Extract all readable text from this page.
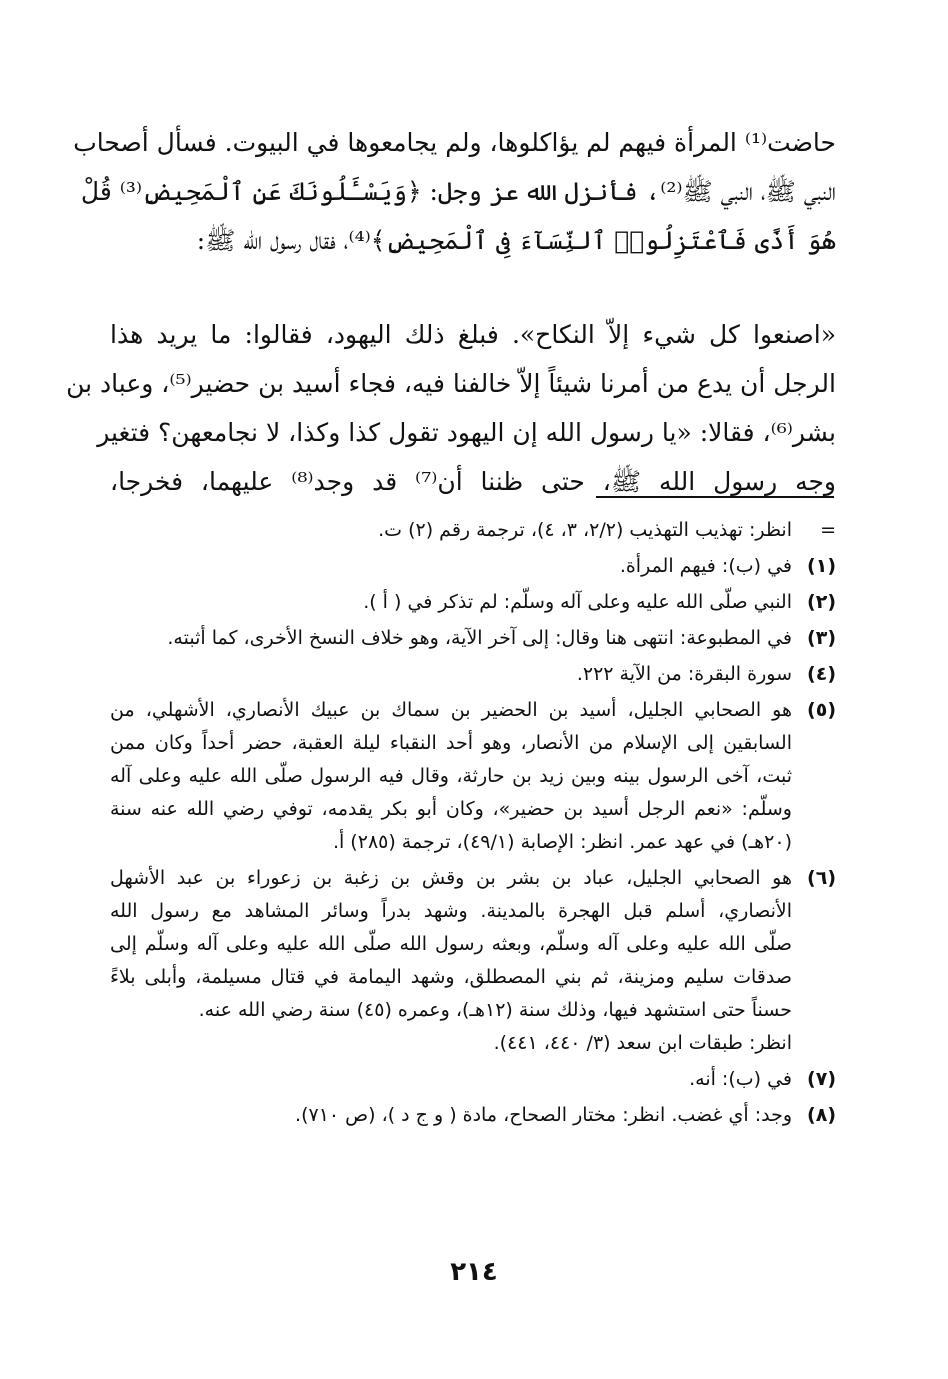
حاضت⁽¹⁾ المرأة فيهم لم يؤاكلوها، ولم يجامعوها في البيوت. فسأل أصحاب
النبي ﷺ، النبي ﷺ⁽²⁾، فأنزل الله عز وجل: ﴿وَيَسْـَٔلُونَكَ عَنِ ٱلْمَحِيضِ⁽³⁾ قُلْ
هُوَ أَذًى فَٱعْتَزِلُوا۟ ٱلنِّسَآءَ فِى ٱلْمَحِيضِ﴾⁽⁴⁾، فقال رسول الله ﷺ:
«اصنعوا كل شيء إلاّ النكاح». فبلغ ذلك اليهود، فقالوا: ما يريد هذا
الرجل أن يدع من أمرنا شيئاً إلاّ خالفنا فيه، فجاء أسيد بن حضير⁽⁵⁾، وعباد بن
بشر⁽⁶⁾، فقالا: «يا رسول الله إن اليهود تقول كذا وكذا، لا نجامعهن؟ فتغير
وجه رسول الله ﷺ، حتى ظننا أن⁽⁷⁾ قد وجد⁽⁸⁾ عليهما، فخرجا،
=
انظر: تهذيب التهذيب (٢/٢، ٣، ٤)، ترجمة رقم (٢) ت.
(١)
في (ب): فيهم المرأة.
(٢)
النبي صلّى الله عليه وعلى آله وسلّم: لم تذكر في ( أ ).
(٣)
في المطبوعة: انتهى هنا وقال: إلى آخر الآية، وهو خلاف النسخ الأخرى، كما أثبته.
(٤)
سورة البقرة: من الآية ٢٢٢.
(٥)
هو الصحابي الجليل، أسيد بن الحضير بن سماك بن عبيك الأنصاري، الأشهلي، من
السابقين إلى الإسلام من الأنصار، وهو أحد النقباء ليلة العقبة، حضر أحداً وكان ممن
ثبت، آخى الرسول بينه وبين زيد بن حارثة، وقال فيه الرسول صلّى الله عليه وعلى آله
وسلّم: «نعم الرجل أسيد بن حضير»، وكان أبو بكر يقدمه، توفي رضي الله عنه سنة
(٢٠هـ) في عهد عمر. انظر: الإصابة (٤٩/١)، ترجمة (٢٨٥) أ.
(٦)
هو الصحابي الجليل، عباد بن بشر بن وقش بن زغبة بن زعوراء بن عبد الأشهل
الأنصاري، أسلم قبل الهجرة بالمدينة. وشهد بدراً وسائر المشاهد مع رسول الله
صلّى الله عليه وعلى آله وسلّم، وبعثه رسول الله صلّى الله عليه وعلى آله وسلّم إلى
صدقات سليم ومزينة، ثم بني المصطلق، وشهد اليمامة في قتال مسيلمة، وأبلى بلاءً
حسناً حتى استشهد فيها، وذلك سنة (١٢هـ)، وعمره (٤٥) سنة رضي الله عنه.
انظر: طبقات ابن سعد (٣/ ٤٤٠، ٤٤١).
(٧)
في (ب): أنه.
(٨)
وجد: أي غضب. انظر: مختار الصحاح، مادة ( و ج د )، (ص ٧١٠).
٢١٤
